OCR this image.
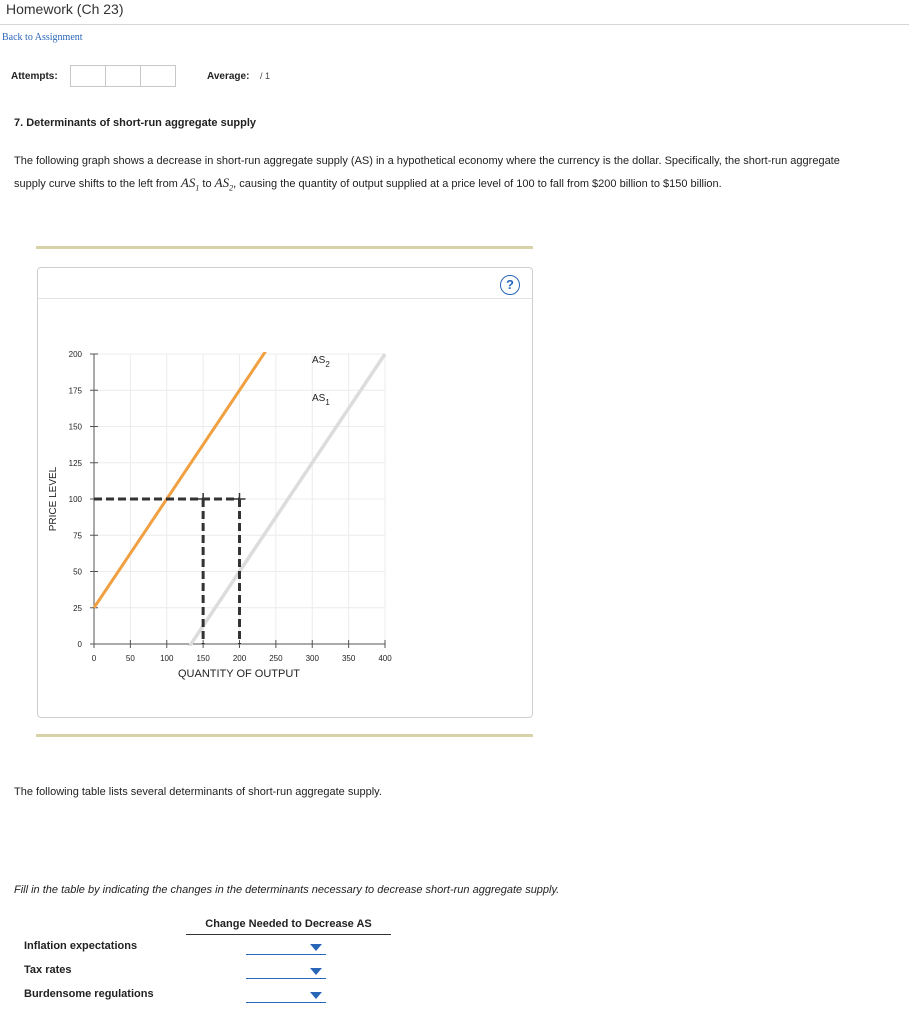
Homework (Ch 23)
Back to Assignment
Attempts:	Average: / 1
7. Determinants of short-run aggregate supply
The following graph shows a decrease in short-run aggregate supply (AS) in a hypothetical economy where the currency is the dollar. Specifically, the short-run aggregate supply curve shifts to the left from $AS_1$ to $AS_2$, causing the quantity of output supplied at a price level of 100 to fall from $200 billion to $150 billion.
?
0	50	100	150	200	250	300	350	400
0
25
50
75
100
125
150
175
200
QUANTITY OF OUTPUT
PRICE LEVEL
$AS_1$
$AS_2$
The following table lists several determinants of short-run aggregate supply.
Fill in the table by indicating the changes in the determinants necessary to decrease short-run aggregate supply.
Change Needed to Decrease AS
Inflation expectations
Tax rates
Burdensome regulations
